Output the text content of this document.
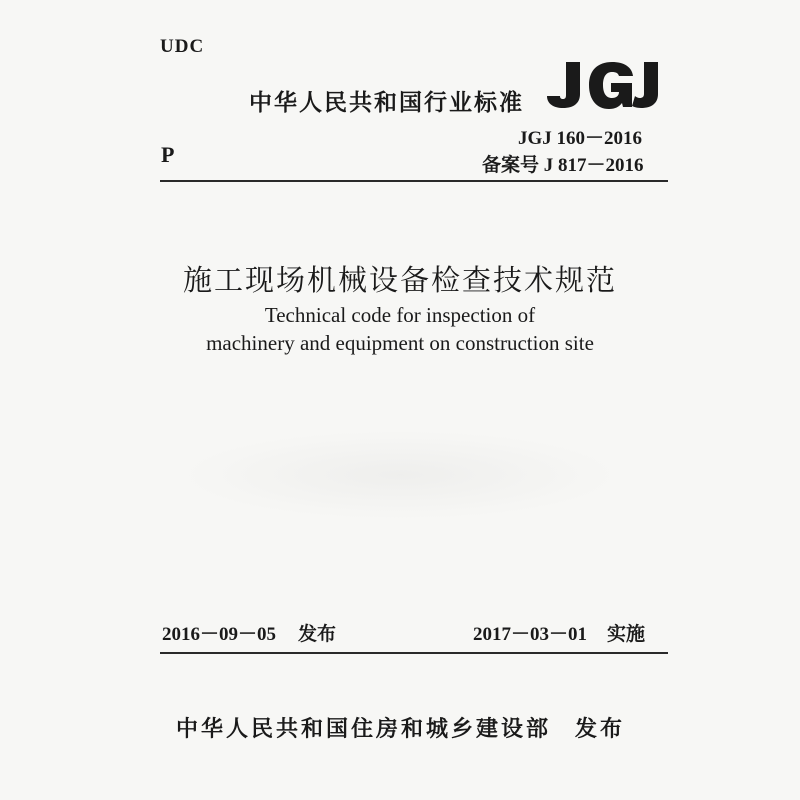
UDC
P
中华人民共和国行业标准
JGJ 160－2016
备案号 J 817－2016
施工现场机械设备检查技术规范
Technical code for inspection of
machinery and equipment on construction site
2016－09－05 发布	2017－03－01 实施
中华人民共和国住房和城乡建设部 发布
